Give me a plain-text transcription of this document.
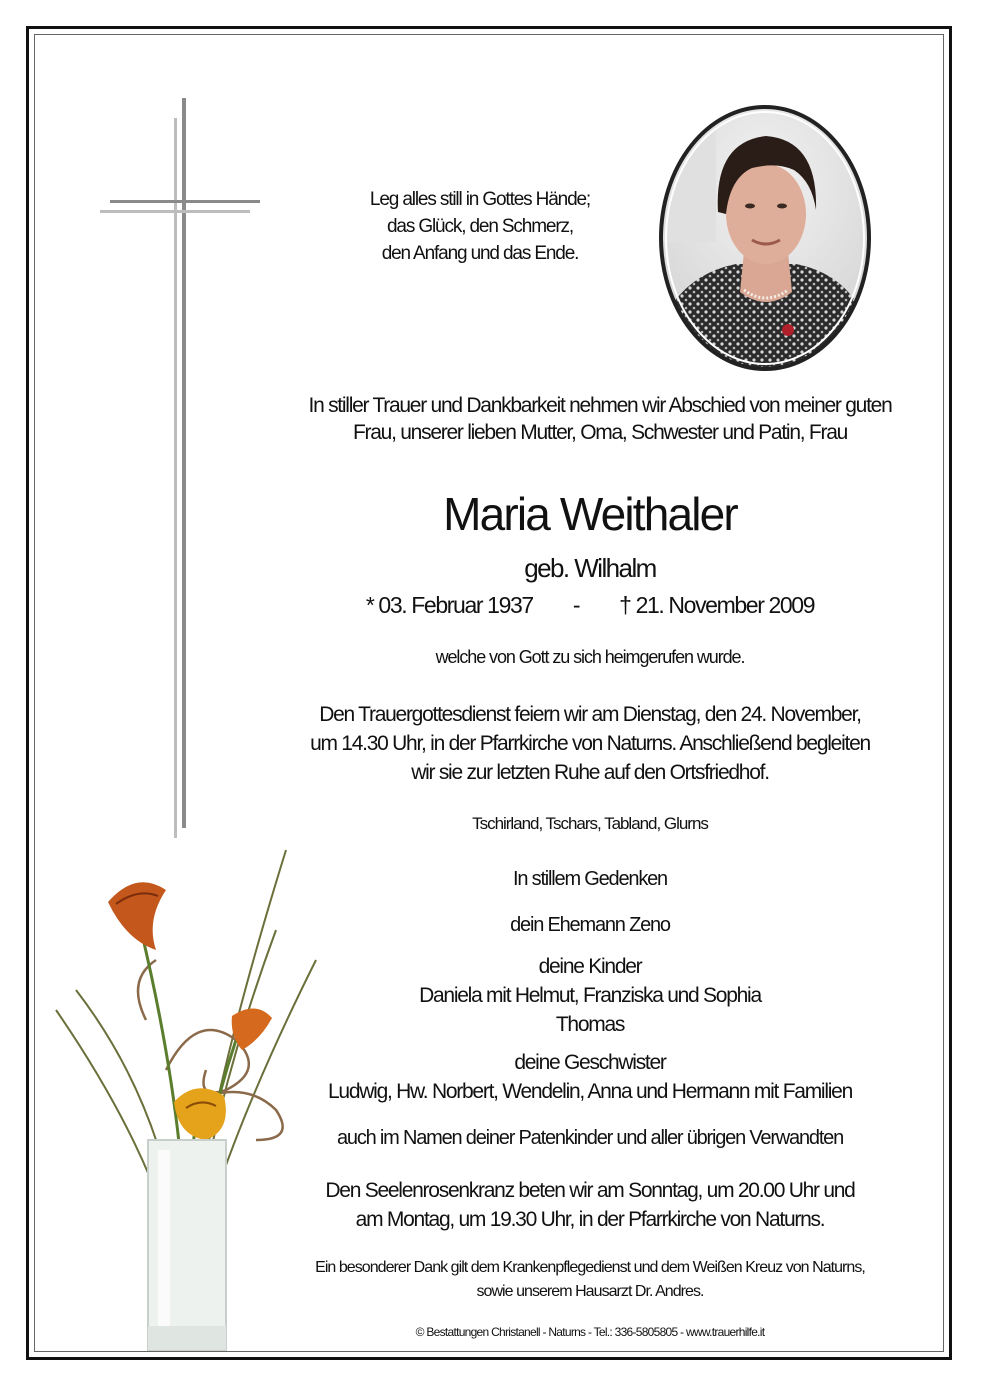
Leg alles still in Gottes Hände;
das Glück, den Schmerz,
den Anfang und das Ende.
In stiller Trauer und Dankbarkeit nehmen wir Abschied von meiner guten
Frau, unserer lieben Mutter, Oma, Schwester und Patin, Frau
Maria Weithaler
geb. Wilhalm
* 03. Februar 1937 - † 21. November 2009
welche von Gott zu sich heimgerufen wurde.
Den Trauergottesdienst feiern wir am Dienstag, den 24. November,
um 14.30 Uhr, in der Pfarrkirche von Naturns. Anschließend begleiten
wir sie zur letzten Ruhe auf den Ortsfriedhof.
Tschirland, Tschars, Tabland, Glurns
In stillem Gedenken
dein Ehemann Zeno
deine Kinder
Daniela mit Helmut, Franziska und Sophia
Thomas
deine Geschwister
Ludwig, Hw. Norbert, Wendelin, Anna und Hermann mit Familien
auch im Namen deiner Patenkinder und aller übrigen Verwandten
Den Seelenrosenkranz beten wir am Sonntag, um 20.00 Uhr und
am Montag, um 19.30 Uhr, in der Pfarrkirche von Naturns.
Ein besonderer Dank gilt dem Krankenpflegedienst und dem Weißen Kreuz von Naturns,
sowie unserem Hausarzt Dr. Andres.
© Bestattungen Christanell - Naturns - Tel.: 336-5805805 - www.trauerhilfe.it
